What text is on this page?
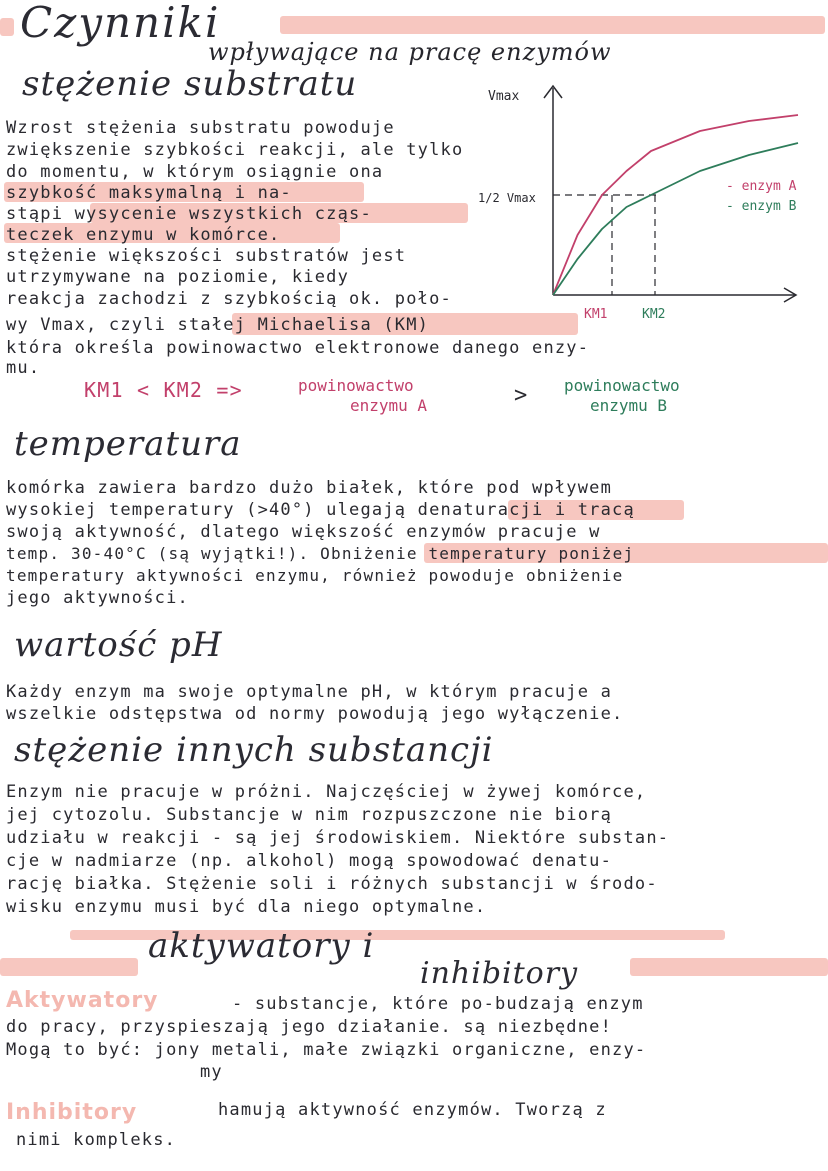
Czynniki
wpływające na pracę enzymów
stężenie substratu
Wzrost stężenia substratu powoduje
zwiększenie szybkości reakcji, ale tylko
do momentu, w którym osiągnie ona
szybkość maksymalną i na-
stąpi wysycenie wszystkich cząs-
teczek enzymu w komórce.
stężenie większości substratów jest
utrzymywane na poziomie, kiedy
reakcja zachodzi z szybkością ok. poło-
wy Vmax, czyli stałej Michaelisa (KM)
która określa powinowactwo elektronowe danego enzy-
mu.
KM1 < KM2 =>	powinowactwo
enzymu A	> powinowactwo
enzymu B
Vmax
1/2 Vmax
KM1	KM2
- enzym A
- enzym B
temperatura
komórka zawiera bardzo dużo białek, które pod wpływem
wysokiej temperatury (>40°) ulegają denaturacji i tracą
swoją aktywność, dlatego większość enzymów pracuje w
temp. 30-40°C (są wyjątki!). Obniżenie temperatury poniżej
temperatury aktywności enzymu, również powoduje obniżenie
jego aktywności.
wartość pH
Każdy enzym ma swoje optymalne pH, w którym pracuje a
wszelkie odstępstwa od normy powodują jego wyłączenie.
stężenie innych substancji
Enzym nie pracuje w próżni. Najczęściej w żywej komórce,
jej cytozolu. Substancje w nim rozpuszczone nie biorą
udziału w reakcji - są jej środowiskiem. Niektóre substan-
cje w nadmiarze (np. alkohol) mogą spowodować denatu-
rację białka. Stężenie soli i różnych substancji w środo-
wisku enzymu musi być dla niego optymalne.
aktywatory i
inhibitory
Aktywatory	- substancje, które po-budzają enzym
do pracy, przyspieszają jego działanie. są niezbędne!
Mogą to być: jony metali, małe związki organiczne, enzy-
my
Inhibitory	hamują aktywność enzymów. Tworzą z
nimi kompleks.
